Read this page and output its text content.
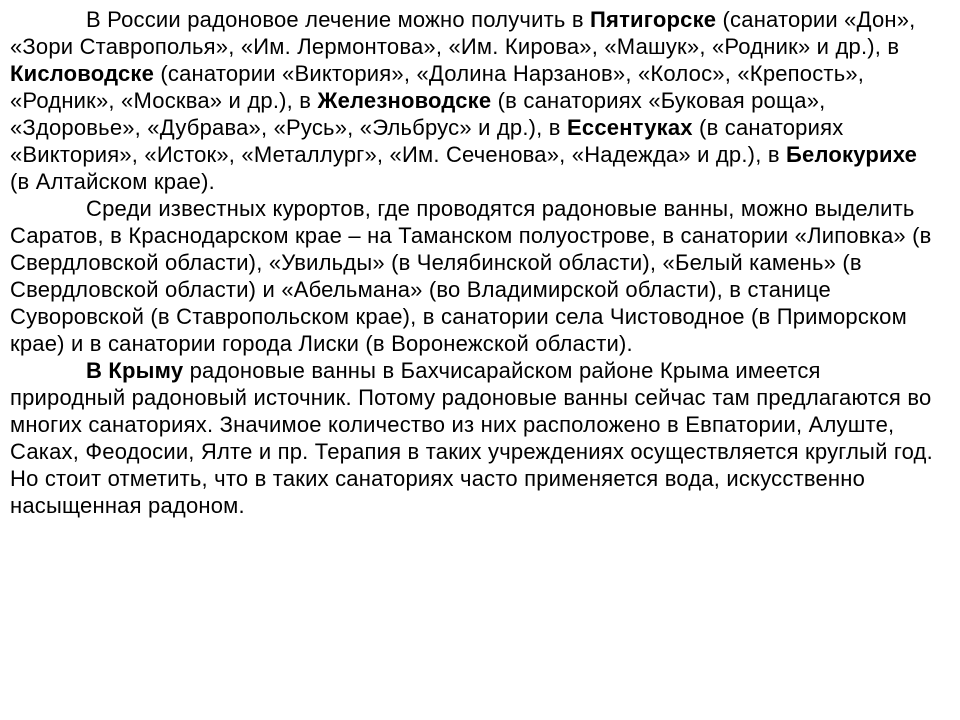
В России радоновое лечение можно получить в Пятигорске (санатории «Дон», «Зори Ставрополья», «Им. Лермонтова», «Им. Кирова», «Машук», «Родник» и др.), в Кисловодске (санатории «Виктория», «Долина Нарзанов», «Колос», «Крепость», «Родник», «Москва» и др.), в Железноводске (в санаториях «Буковая роща», «Здоровье», «Дубрава», «Русь», «Эльбрус» и др.), в Ессентуках (в санаториях «Виктория», «Исток», «Металлург», «Им. Сеченова», «Надежда» и др.), в Белокурихе (в Алтайском крае).

Среди известных курортов, где проводятся радоновые ванны, можно выделить Саратов, в Краснодарском крае – на Таманском полуострове, в санатории «Липовка» (в Свердловской области), «Увильды» (в Челябинской области), «Белый камень» (в Свердловской области) и «Абельмана» (во Владимирской области), в станице Суворовской (в Ставропольском крае), в санатории села Чистоводное (в Приморском крае) и в санатории города Лиски (в Воронежской области).

В Крыму радоновые ванны в Бахчисарайском районе Крыма имеется природный радоновый источник. Потому радоновые ванны сейчас там предлагаются во многих санаториях. Значимое количество из них расположено в Евпатории, Алуште, Саках, Феодосии, Ялте и пр. Терапия в таких учреждениях осуществляется круглый год. Но стоит отметить, что в таких санаториях часто применяется вода, искусственно насыщенная радоном.
